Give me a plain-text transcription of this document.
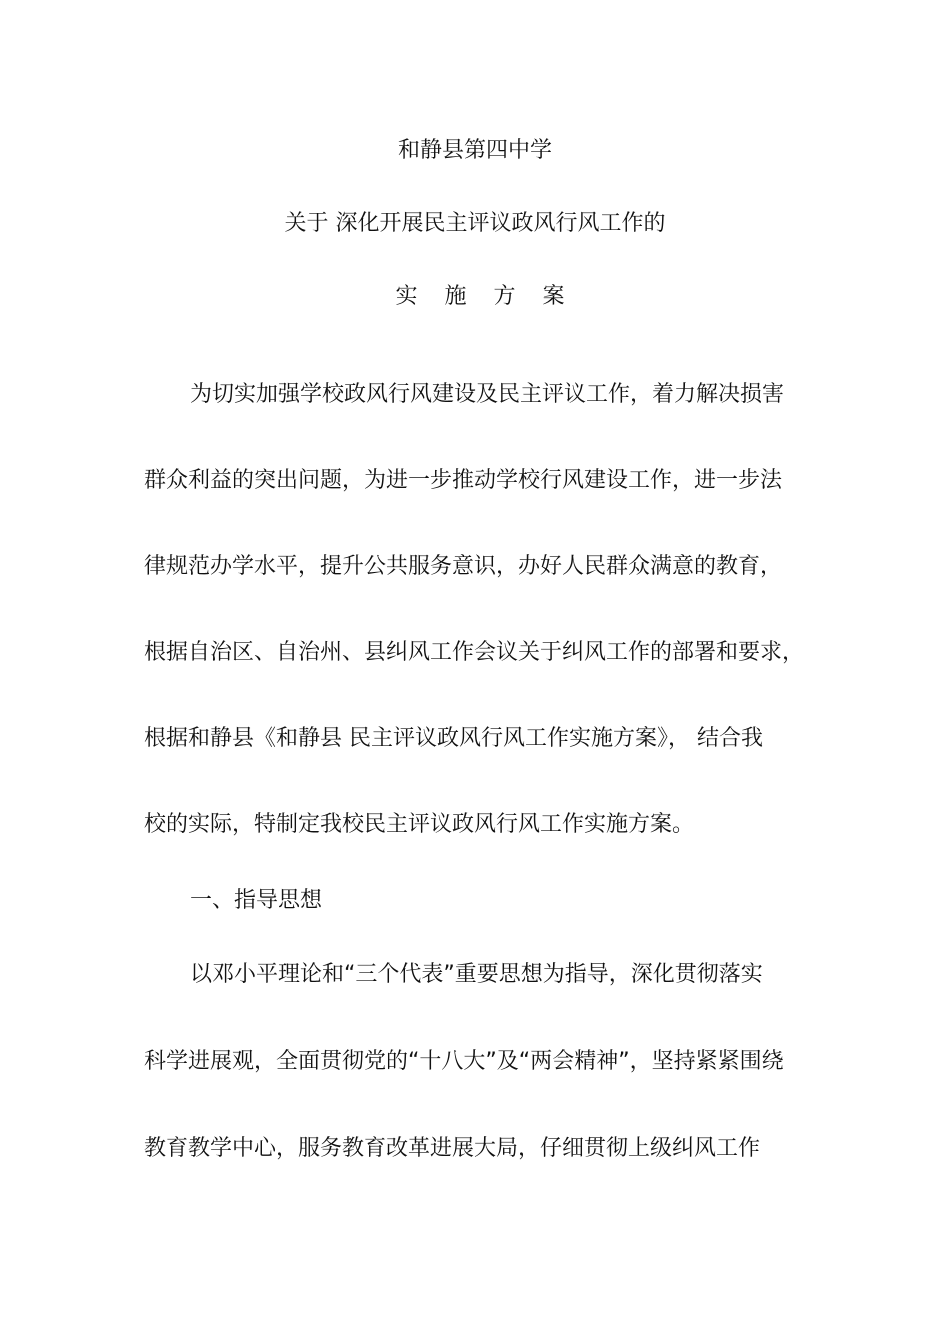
和静县第四中学

关于 深化开展民主评议政风行风工作的

实 施 方 案

为切实加强学校政风行风建设及民主评议工作，着力解决损害

群众利益的突出问题，为进一步推动学校行风建设工作，进一步法

律规范办学水平，提升公共服务意识，办好人民群众满意的教育，

根据自治区、自治州、县纠风工作会议关于纠风工作的部署和要求，

根据和静县《和静县 民主评议政风行风工作实施方案》， 结合我

校的实际，特制定我校民主评议政风行风工作实施方案。

一、指导思想

以邓小平理论和“三个代表”重要思想为指导，深化贯彻落实

科学进展观，全面贯彻党的“十八大”及“两会精神”，坚持紧紧围绕

教育教学中心，服务教育改革进展大局，仔细贯彻上级纠风工作
